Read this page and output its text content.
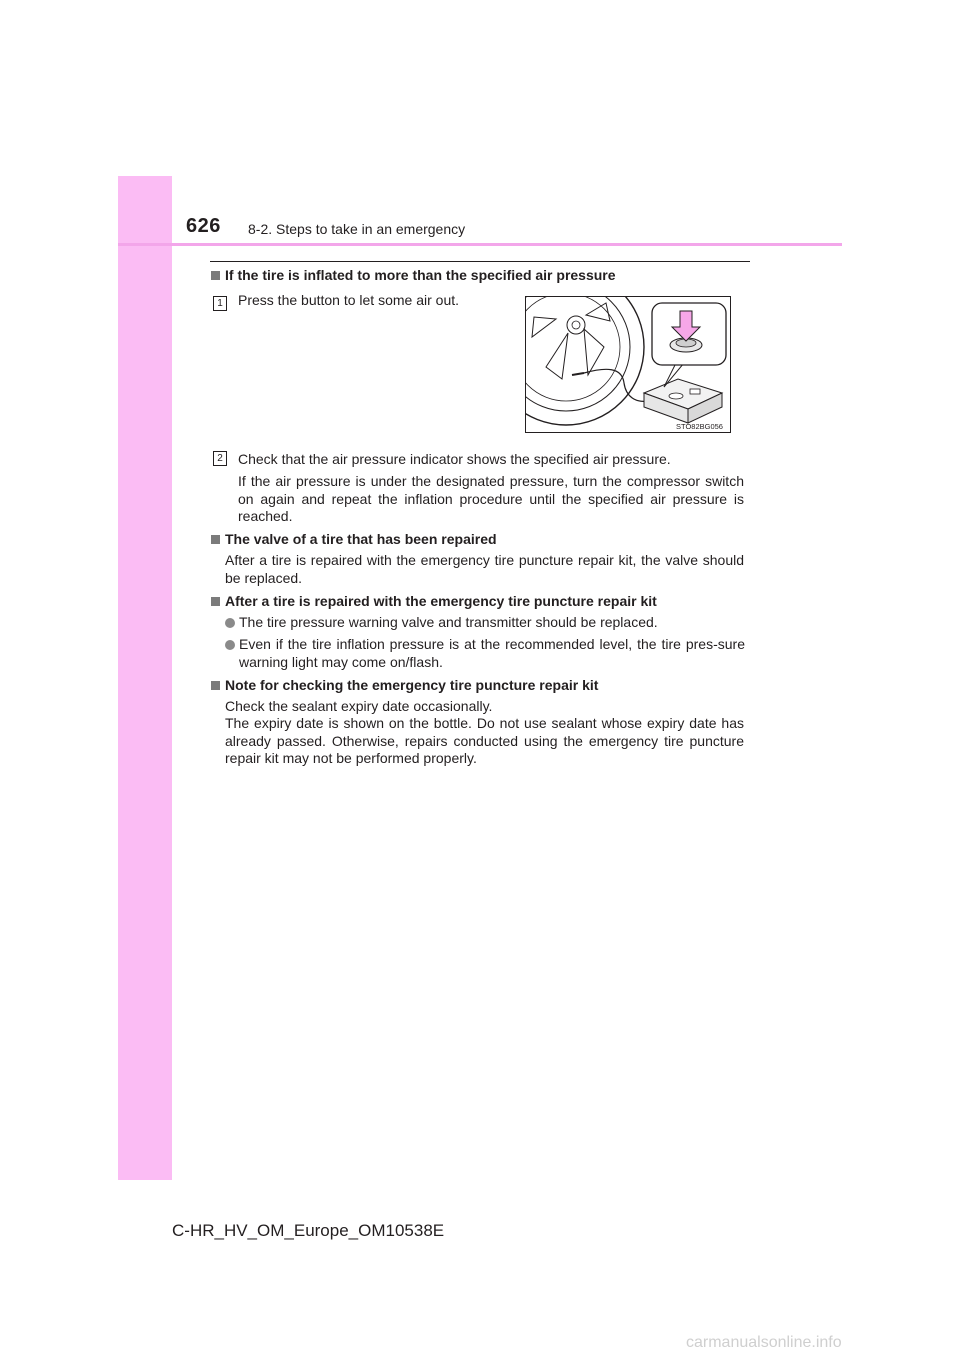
626 8-2. Steps to take in an emergency
If the tire is inflated to more than the specified air pressure
1	Press the button to let some air out.
STO82BG056
2	Check that the air pressure indicator shows the specified air pressure.
If the air pressure is under the designated pressure, turn the compressor switch on again and repeat the inflation procedure until the specified air pressure is reached.
The valve of a tire that has been repaired
After a tire is repaired with the emergency tire puncture repair kit, the valve should be replaced.
After a tire is repaired with the emergency tire puncture repair kit
The tire pressure warning valve and transmitter should be replaced.
Even if the tire inflation pressure is at the recommended level, the tire pres-sure warning light may come on/flash.
Note for checking the emergency tire puncture repair kit
Check the sealant expiry date occasionally.
The expiry date is shown on the bottle. Do not use sealant whose expiry date has already passed. Otherwise, repairs conducted using the emergency tire puncture repair kit may not be performed properly.
C-HR_HV_OM_Europe_OM10538E
carmanualsonline.info
